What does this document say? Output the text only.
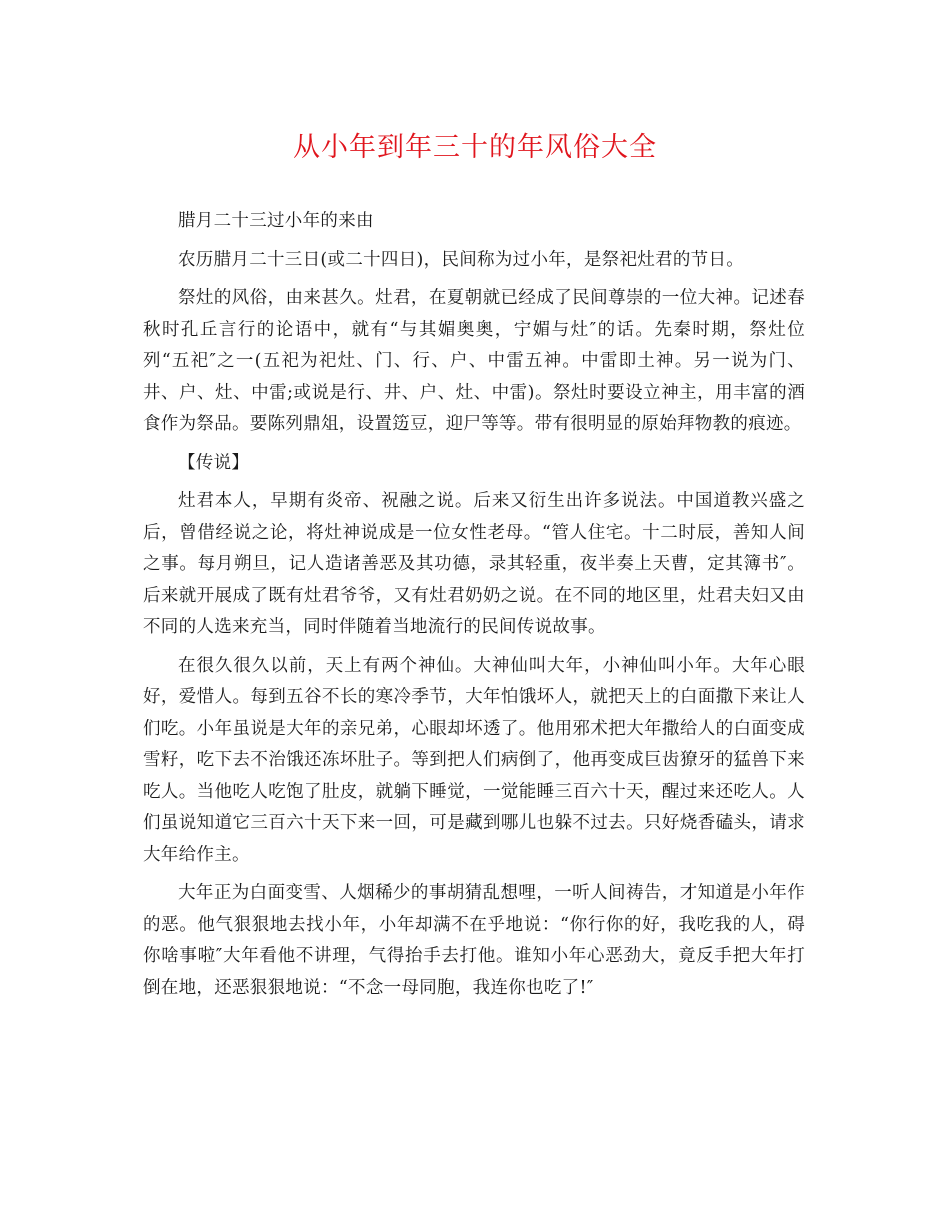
从小年到年三十的年风俗大全

腊月二十三过小年的来由

农历腊月二十三日(或二十四日)，民间称为过小年，是祭祀灶君的节日。

祭灶的风俗，由来甚久。灶君，在夏朝就已经成了民间尊崇的一位大神。记述春秋时孔丘言行的论语中，就有“与其媚奥奥，宁媚与灶″的话。先秦时期，祭灶位列“五祀″之一(五祀为祀灶、门、行、户、中雷五神。中雷即土神。另一说为门、井、户、灶、中雷;或说是行、井、户、灶、中雷)。祭灶时要设立神主，用丰富的酒食作为祭品。要陈列鼎俎，设置笾豆，迎尸等等。带有很明显的原始拜物教的痕迹。

【传说】

灶君本人，早期有炎帝、祝融之说。后来又衍生出许多说法。中国道教兴盛之后，曾借经说之论，将灶神说成是一位女性老母。“管人住宅。十二时辰，善知人间之事。每月朔旦，记人造诸善恶及其功德，录其轻重，夜半奏上天曹，定其簿书″。后来就开展成了既有灶君爷爷，又有灶君奶奶之说。在不同的地区里，灶君夫妇又由不同的人选来充当，同时伴随着当地流行的民间传说故事。

在很久很久以前，天上有两个神仙。大神仙叫大年，小神仙叫小年。大年心眼好，爱惜人。每到五谷不长的寒冷季节，大年怕饿坏人，就把天上的白面撒下来让人们吃。小年虽说是大年的亲兄弟，心眼却坏透了。他用邪术把大年撒给人的白面变成雪籽，吃下去不治饿还冻坏肚子。等到把人们病倒了，他再变成巨齿獠牙的猛兽下来吃人。当他吃人吃饱了肚皮，就躺下睡觉，一觉能睡三百六十天，醒过来还吃人。人们虽说知道它三百六十天下来一回，可是藏到哪儿也躲不过去。只好烧香磕头，请求大年给作主。

大年正为白面变雪、人烟稀少的事胡猜乱想哩，一听人间祷告，才知道是小年作的恶。他气狠狠地去找小年，小年却满不在乎地说：“你行你的好，我吃我的人，碍你啥事啦″大年看他不讲理，气得抬手去打他。谁知小年心恶劲大，竟反手把大年打倒在地，还恶狠狠地说：“不念一母同胞，我连你也吃了!″
